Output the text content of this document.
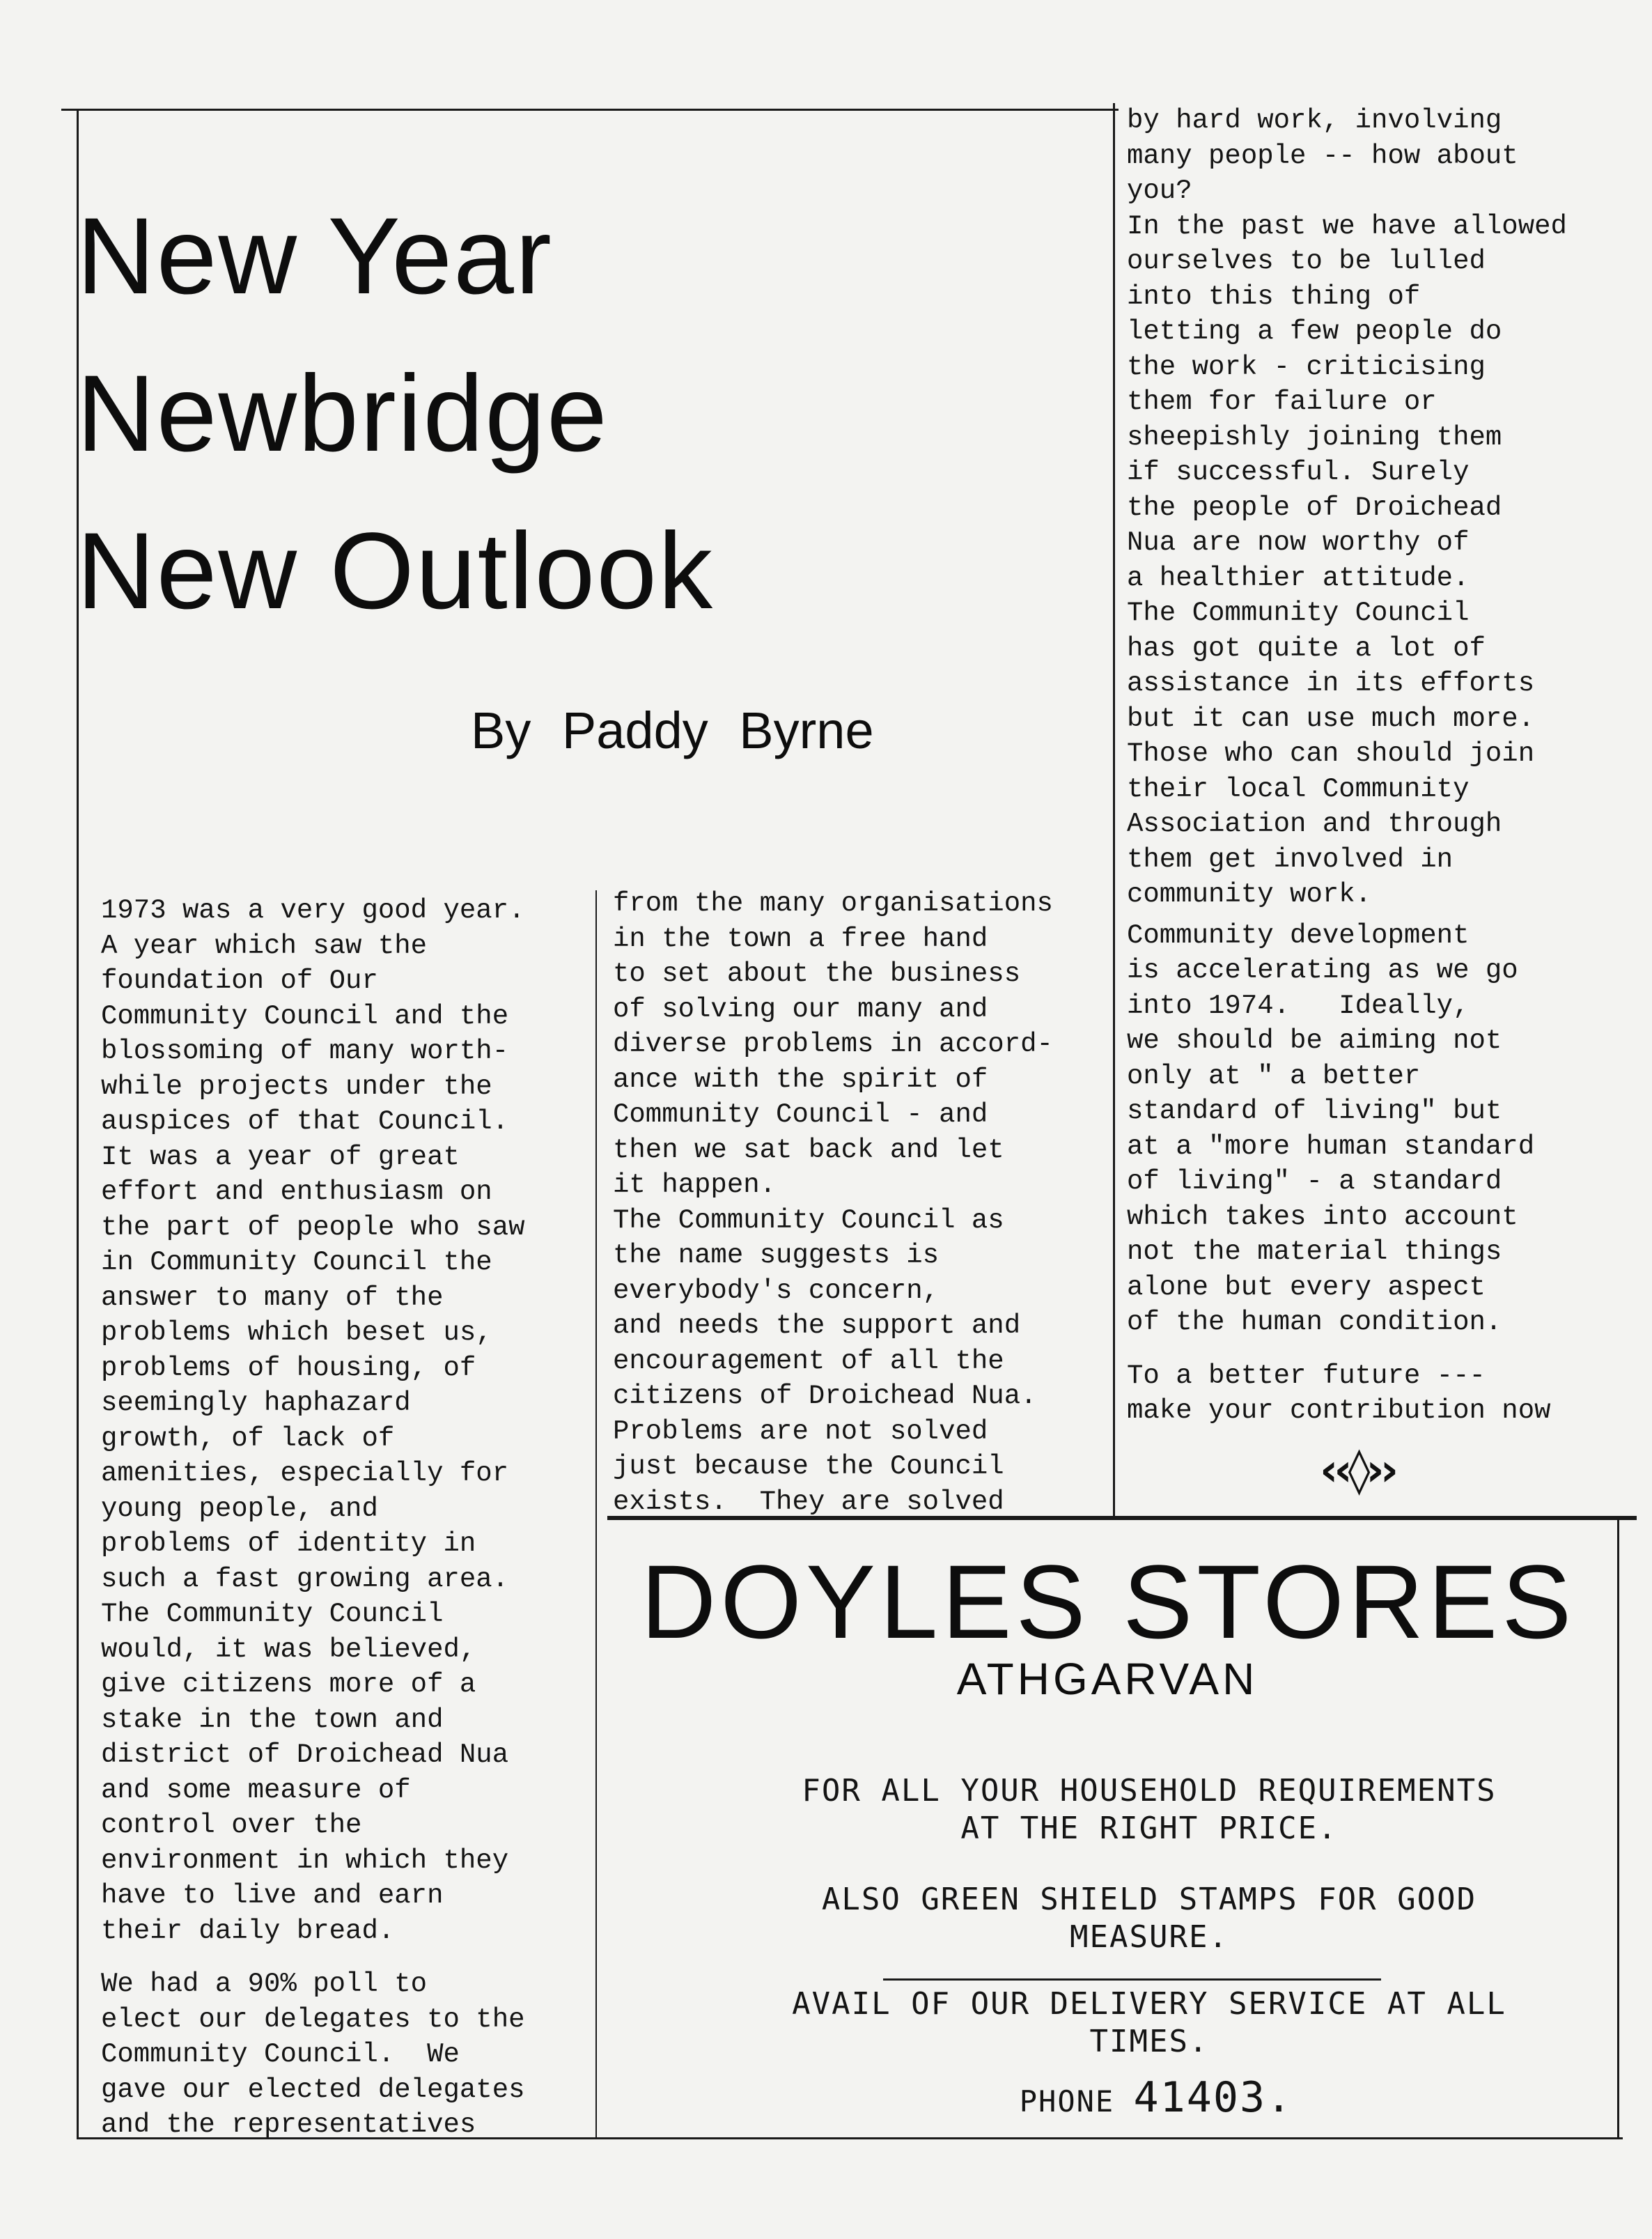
New Year
Newbridge
New Outlook
By Paddy Byrne

1973 was a very good year.

A year which saw the

foundation of Our

Community Council and the

blossoming of many worth-

while projects under the

auspices of that Council.

It was a year of great

effort and enthusiasm on

the part of people who saw

in Community Council the

answer to many of the

problems which beset us,

problems of housing, of

seemingly haphazard

growth, of lack of

amenities, especially for

young people, and

problems of identity in

such a fast growing area.

The Community Council

would, it was believed,

give citizens more of a

stake in the town and

district of Droichead Nua

and some measure of

control over the

environment in which they

have to live and earn

their daily bread.

We had a 90% poll to

elect our delegates to the

Community Council.  We

gave our elected delegates

and the representatives

from the many organisations

in the town a free hand

to set about the business

of solving our many and

diverse problems in accord-

ance with the spirit of

Community Council - and

then we sat back and let

it happen.

The Community Council as

the name suggests is

everybody's concern,

and needs the support and

encouragement of all the

citizens of Droichead Nua.

Problems are not solved

just because the Council

exists.  They are solved

by hard work, involving

many people -- how about

you?

In the past we have allowed

ourselves to be lulled

into this thing of

letting a few people do

the work - criticising

them for failure or

sheepishly joining them

if successful. Surely

the people of Droichead

Nua are now worthy of

a healthier attitude.

The Community Council

has got quite a lot of

assistance in its efforts

but it can use much more.

Those who can should join

their local Community

Association and through

them get involved in

community work.

Community development

is accelerating as we go

into 1974.   Ideally,

we should be aiming not

only at " a better

standard of living" but

at a "more human standard

of living" - a standard

which takes into account

not the material things

alone but every aspect

of the human condition.

To a better future ---

make your contribution now

‹‹◊››
DOYLES STORES
ATHGARVAN
FOR ALL YOUR HOUSEHOLD REQUIREMENTS
AT THE RIGHT PRICE.
ALSO GREEN SHIELD STAMPS FOR GOOD
MEASURE.
AVAIL OF OUR DELIVERY SERVICE AT ALL
TIMES.
PHONE 41403.
